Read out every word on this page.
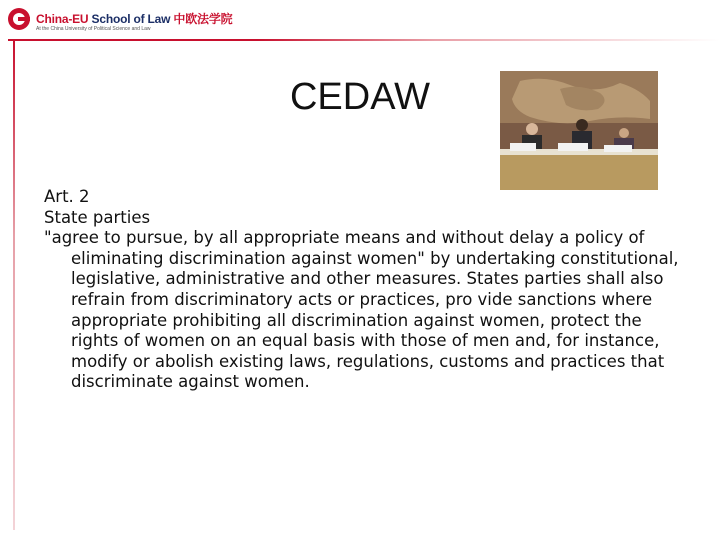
China-EU School of Law 中欧法学院
At the China University of Political Science and Law
CEDAW

Art. 2

State parties

"agree to pursue, by all appropriate means and without delay a policy of eliminating discrimination against women" by undertaking constitutional, legislative, administrative and other measures. States parties shall also refrain from discriminatory acts or practices, pro vide sanctions where appropriate prohibiting all discrimination against women, protect the rights of women on an equal basis with those of men and, for instance, modify or abolish existing laws, regulations, customs and practices that discriminate against women.
